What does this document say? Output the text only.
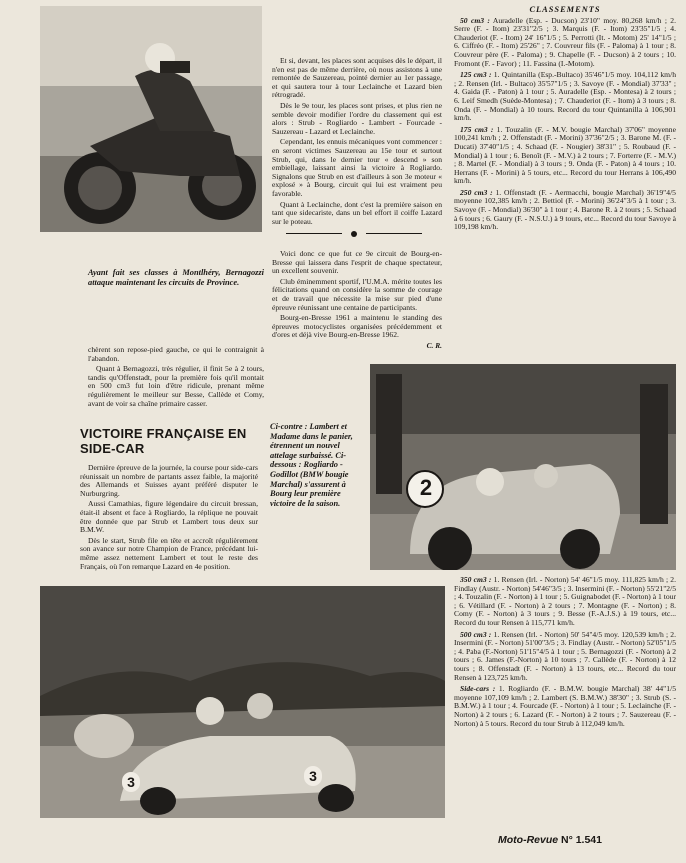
Ayant fait ses classes à Montlhéry, Bernagozzi attaque maintenant les circuits de Province.

chèrent son repose-pied gauche, ce qui le contraignit à l'abandon.

Quant à Bernagozzi, très régulier, il finit 5e à 2 tours, tandis qu'Offenstadt, pour la première fois qu'il montait en 500 cm3 fut loin d'être ridicule, prenant même régulièrement le meilleur sur Besse, Callède et Comy, avant de voir sa chaîne primaire casser.

VICTOIRE FRANÇAISE EN SIDE-CAR

Dernière épreuve de la journée, la course pour side-cars réunissait un nombre de partants assez faible, la majorité des Allemands et Suisses ayant préféré disputer le Nurburgring.

Aussi Camathias, figure légendaire du circuit bressan, était-il absent et face à Rogliardo, la réplique ne pouvait être donnée que par Strub et Lambert tous deux sur B.M.W.

Dès le start, Strub file en tête et accroît régulièrement son avance sur notre Champion de France, précédant lui-même assez nettement Lambert et tout le reste des Français, où l'on remarque Lazard en 4e position.

Et si, devant, les places sont acquises dès le départ, il n'en est pas de même derrière, où nous assistons à une remontée de Sauzereau, pointé dernier au 1er passage, et qui sautera tour à tour Leclainche et Lazard bien rétrogradé.

Dès le 9e tour, les places sont prises, et plus rien ne semble devoir modifier l'ordre du classement qui est alors : Strub - Rogliardo - Lambert - Fourcade - Sauzereau - Lazard et Leclainche.

Cependant, les ennuis mécaniques vont commencer : en seront victimes Sauzereau au 15e tour et surtout Strub, qui, dans le dernier tour « descend » son embiellage, laissant ainsi la victoire à Rogliardo. Signalons que Strub en est d'ailleurs à son 3e moteur « explosé » à Bourg, circuit qui lui est vraiment peu favorable.

Quant à Leclainche, dont c'est la première saison en tant que sidecariste, dans un bel effort il coiffe Lazard sur le poteau.

Voici donc ce que fut ce 9e circuit de Bourg-en-Bresse qui laissera dans l'esprit de chaque spectateur, un excellent souvenir.

Club éminemment sportif, l'U.M.A. mérite toutes les félicitations quand on considère la somme de courage et de travail que nécessite la mise sur pied d'une épreuve réunissant une centaine de participants.

Bourg-en-Bresse 1961 a maintenu le standing des épreuves motocyclistes organisées précédemment et d'ores et déjà vive Bourg-en-Bresse 1962.

C. R.
Ci-contre : Lambert et Madame dans le panier, étrennent un nouvel attelage surbaissé. Ci-dessous : Rogliardo - Godillot (BMW bougie Marchal) s'assurent à Bourg leur première victoire de la saison.
2
3	3
CLASSEMENTS

50 cm3 : Auradelle (Esp. - Ducson) 23'10" moy. 80,268 km/h ; 2. Serre (F. - Itom) 23'31"2/5 ; 3. Marquis (F. - Itom) 23'35"1/5 ; 4. Chauderiot (F. - Itom) 24' 16"1/5 ; 5. Perrotti (It. - Motom) 25' 14"1/5 ; 6. Ciffréo (F. - Itom) 25'26" ; 7. Couvreur fils (F. - Paloma) à 1 tour ; 8. Couvreur père (F. - Paloma) ; 9. Chapelle (F. - Ducson) à 2 tours ; 10. Fromont (F. - Favor) ; 11. Fassina (I.-Motom).

125 cm3 : 1. Quintanilla (Esp.-Bultaco) 35'46"1/5 moy. 104,112 km/h ; 2. Rensen (Irl. - Bultaco) 35'57"1/5 ; 3. Savoye (F. - Mondial) 37'33" ; 4. Gaida (F. - Paton) à 1 tour ; 5. Auradelle (Esp. - Montesa) à 2 tours ; 6. Leif Smedh (Suède-Montesa) ; 7. Chauderiot (F. - Itom) à 3 tours ; 8. Onda (F. - Mondial) à 10 tours. Record du tour Quintanilla à 106,901 km/h.

175 cm3 : 1. Touzalin (F. - M.V. bougie Marchal) 37'06" moyenne 100,241 km/h ; 2. Offenstadt (F. - Morini) 37'36"2/5 ; 3. Barone M. (F. - Ducati) 37'40"1/5 ; 4. Schaad (F. - Nougier) 38'31" ; 5. Roubaud (F. - Mondial) à 1 tour ; 6. Benoît (F. - M.V.) à 2 tours ; 7. Forterre (F. - M.V.) ; 8. Martel (F. - Mondial) à 3 tours ; 9. Onda (F. - Paton) à 4 tours ; 10. Herrans (F. - Morini) à 5 tours, etc... Record du tour Herrans à 106,490 km/h.

250 cm3 : 1. Offenstadt (F. - Aermacchi, bougie Marchal) 36'19"4/5 moyenne 102,385 km/h ; 2. Bettiol (F. - Morini) 36'24"3/5 à 1 tour ; 3. Savoye (F. - Mondial) 36'30" à 1 tour ; 4. Barone R. à 2 tours ; 5. Schaad à 6 tours ; 6. Gaury (F. - N.S.U.) à 9 tours, etc... Record du tour Savoye à 109,198 km/h.

350 cm3 : 1. Rensen (Irl. - Norton) 54' 46"1/5 moy. 111,825 km/h ; 2. Findlay (Austr. - Norton) 54'46"3/5 ; 3. Insermini (F. - Norton) 55'21"2/5 ; 4. Touzalin (F. - Norton) à 1 tour ; 5. Guignabodet (F. - Norton) à 1 tour ; 6. Vétillard (F. - Norton) à 2 tours ; 7. Montagne (F. - Norton) ; 8. Comy (F. - Norton) à 3 tours ; 9. Besse (F.-A.J.S.) à 19 tours, etc... Record du tour Rensen à 115,771 km/h.

500 cm3 : 1. Rensen (Irl. - Norton) 50' 54"4/5 moy. 120,539 km/h ; 2. Insermini (F. - Norton) 51'00"3/5 ; 3. Findlay (Austr. - Norton) 52'05"1/5 ; 4. Paba (F.-Norton) 51'15"4/5 à 1 tour ; 5. Bernagozzi (F. - Norton) à 2 tours ; 6. James (F.-Norton) à 10 tours ; 7. Callède (F. - Norton) à 12 tours ; 8. Offenstadt (F. - Norton) à 13 tours, etc... Record du tour Rensen à 123,725 km/h.

Side-cars : 1. Rogliardo (F. - B.M.W. bougie Marchal) 38' 44"1/5 moyenne 107,109 km/h ; 2. Lambert (S. B.M.W.) 38'30" ; 3. Strub (S. - B.M.W.) à 1 tour ; 4. Fourcade (F. - Norton) à 1 tour ; 5. Leclainche (F. - Norton) à 2 tours ; 6. Lazard (F. - Norton) à 2 tours ; 7. Sauzereau (F. - Norton) à 5 tours. Record du tour Strub à 112,049 km/h.

Moto-Revue N° 1.541
